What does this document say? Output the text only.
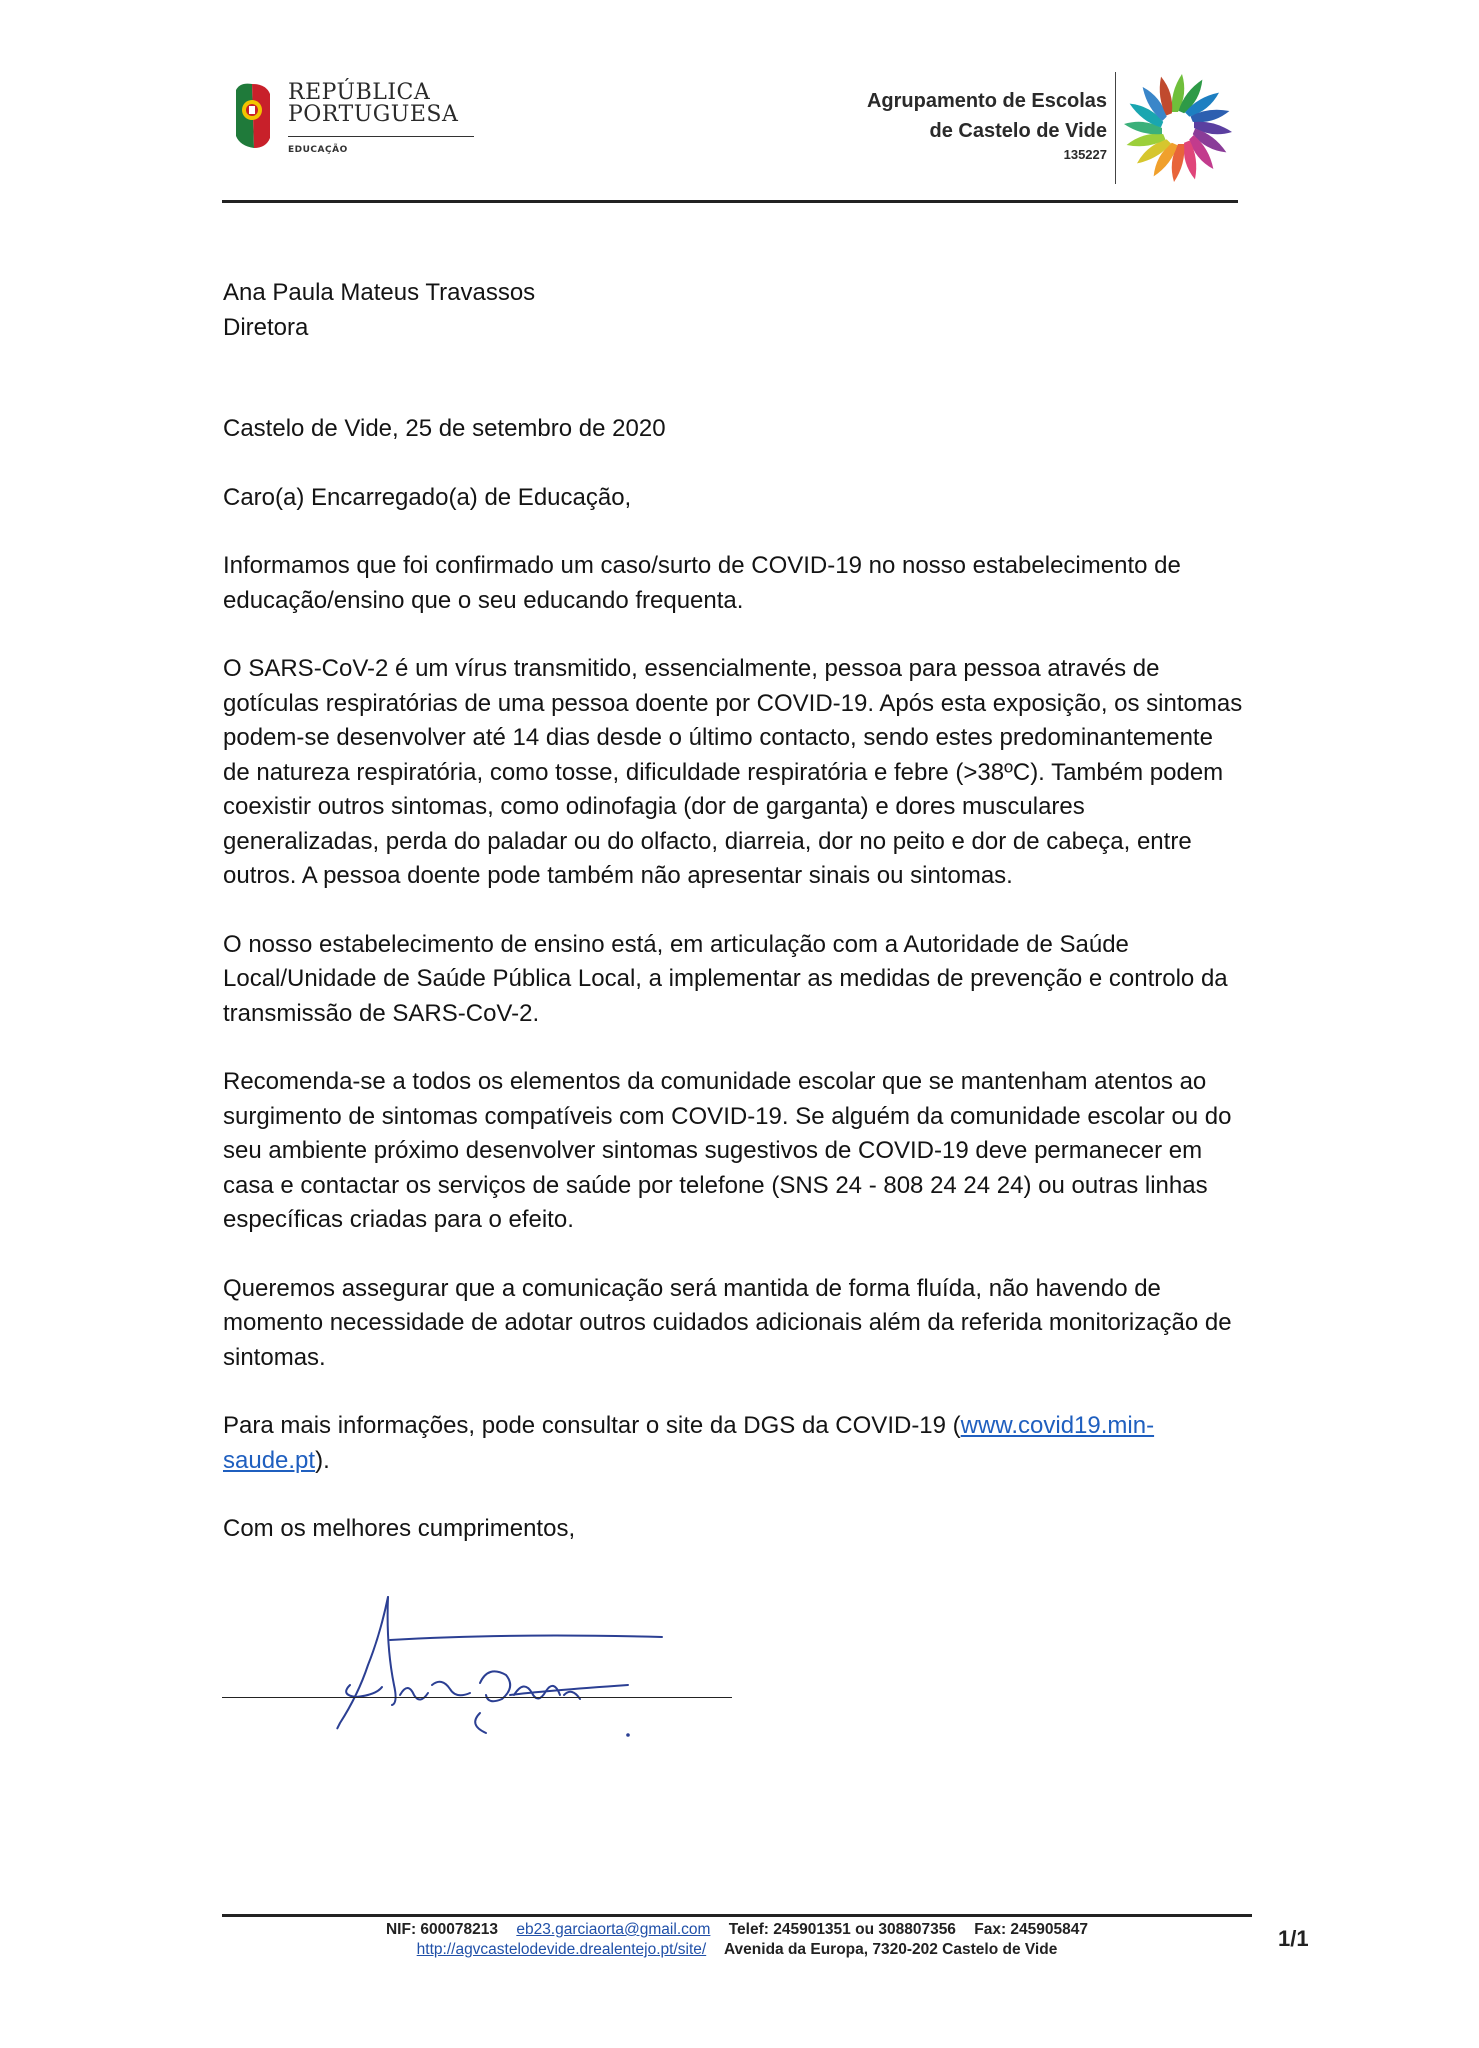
REPÚBLICA
PORTUGUESA
EDUCAÇÃO
Agrupamento de Escolas
de Castelo de Vide
135227

Ana Paula Mateus Travassos
Diretora

Castelo de Vide, 25 de setembro de 2020

Caro(a) Encarregado(a) de Educação,

Informamos que foi confirmado um caso/surto de COVID-19 no nosso estabelecimento de educação/ensino que o seu educando frequenta.

O SARS-CoV-2 é um vírus transmitido, essencialmente, pessoa para pessoa através de gotículas respiratórias de uma pessoa doente por COVID-19. Após esta exposição, os sintomas podem-se desenvolver até 14 dias desde o último contacto, sendo estes predominantemente de natureza respiratória, como tosse, dificuldade respiratória e febre (>38ºC). Também podem coexistir outros sintomas, como odinofagia (dor de garganta) e dores musculares generalizadas, perda do paladar ou do olfacto, diarreia, dor no peito e dor de cabeça, entre outros. A pessoa doente pode também não apresentar sinais ou sintomas.

O nosso estabelecimento de ensino está, em articulação com a Autoridade de Saúde Local/Unidade de Saúde Pública Local, a implementar as medidas de prevenção e controlo da transmissão de SARS-CoV-2.

Recomenda-se a todos os elementos da comunidade escolar que se mantenham atentos ao surgimento de sintomas compatíveis com COVID-19. Se alguém da comunidade escolar ou do seu ambiente próximo desenvolver sintomas sugestivos de COVID-19 deve permanecer em casa e contactar os serviços de saúde por telefone (SNS 24 - 808 24 24 24) ou outras linhas específicas criadas para o efeito.

Queremos assegurar que a comunicação será mantida de forma fluída, não havendo de momento necessidade de adotar outros cuidados adicionais além da referida monitorização de sintomas.

Para mais informações, pode consultar o site da DGS da COVID-19 (www.covid19.min-saude.pt).

Com os melhores cumprimentos,

NIF: 600078213 eb23.garciaorta@gmail.com Telef: 245901351 ou 308807356 Fax: 245905847
http://agvcastelodevide.drealentejo.pt/site/ Avenida da Europa, 7320-202 Castelo de Vide	1/1
